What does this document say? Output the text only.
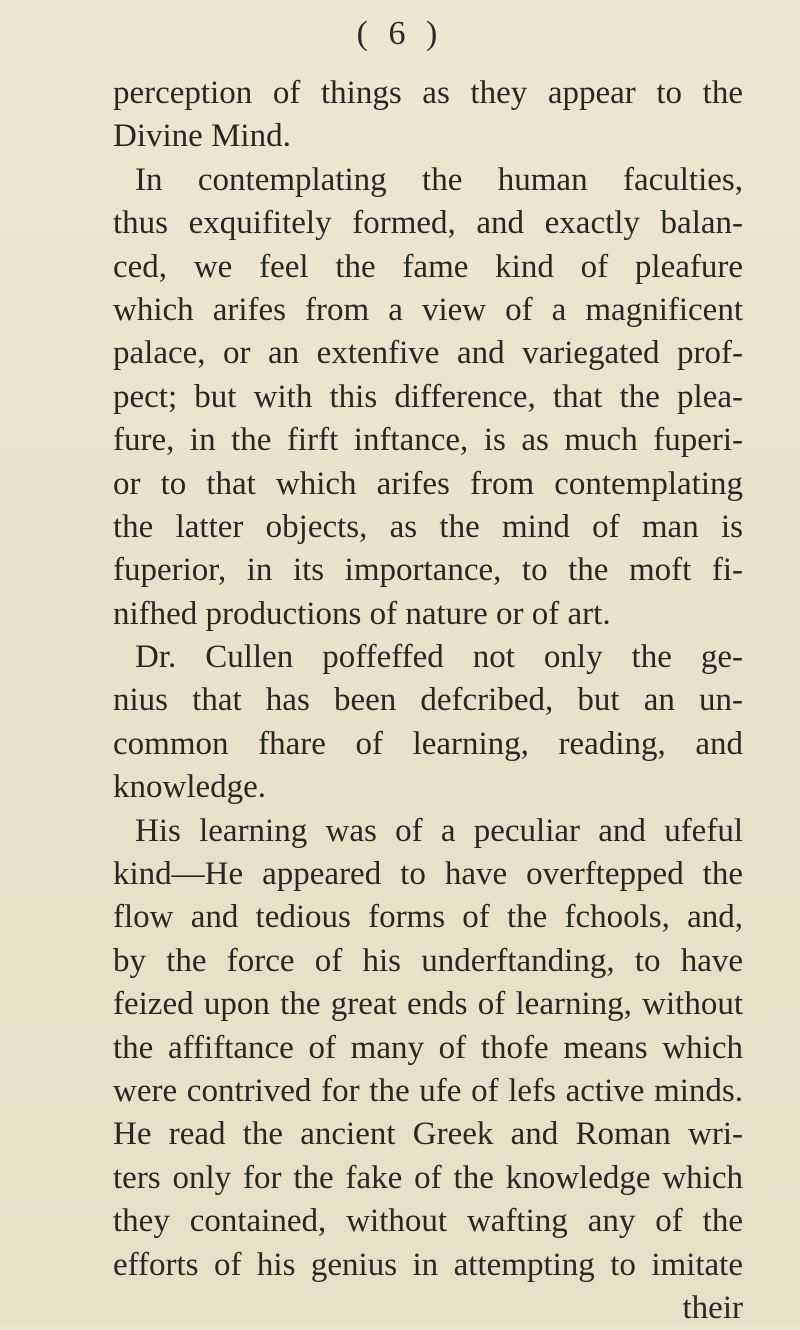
( 6 )
perception of things as they appear to the
Divine Mind.
In contemplating the human faculties,
thus exquifitely formed, and exactly balan-
ced, we feel the fame kind of pleafure
which arifes from a view of a magnificent
palace, or an extenfive and variegated prof-
pect; but with this difference, that the plea-
fure, in the firft inftance, is as much fuperi-
or to that which arifes from contemplating
the latter objects, as the mind of man is
fuperior, in its importance, to the moft fi-
nifhed productions of nature or of art.
Dr. Cullen poffeffed not only the ge-
nius that has been defcribed, but an un-
common fhare of learning, reading, and
knowledge.
His learning was of a peculiar and ufeful
kind—He appeared to have overftepped the
flow and tedious forms of the fchools, and,
by the force of his underftanding, to have
feized upon the great ends of learning, without
the affiftance of many of thofe means which
were contrived for the ufe of lefs active minds.
He read the ancient Greek and Roman wri-
ters only for the fake of the knowledge which
they contained, without wafting any of the
efforts of his genius in attempting to imitate
their
